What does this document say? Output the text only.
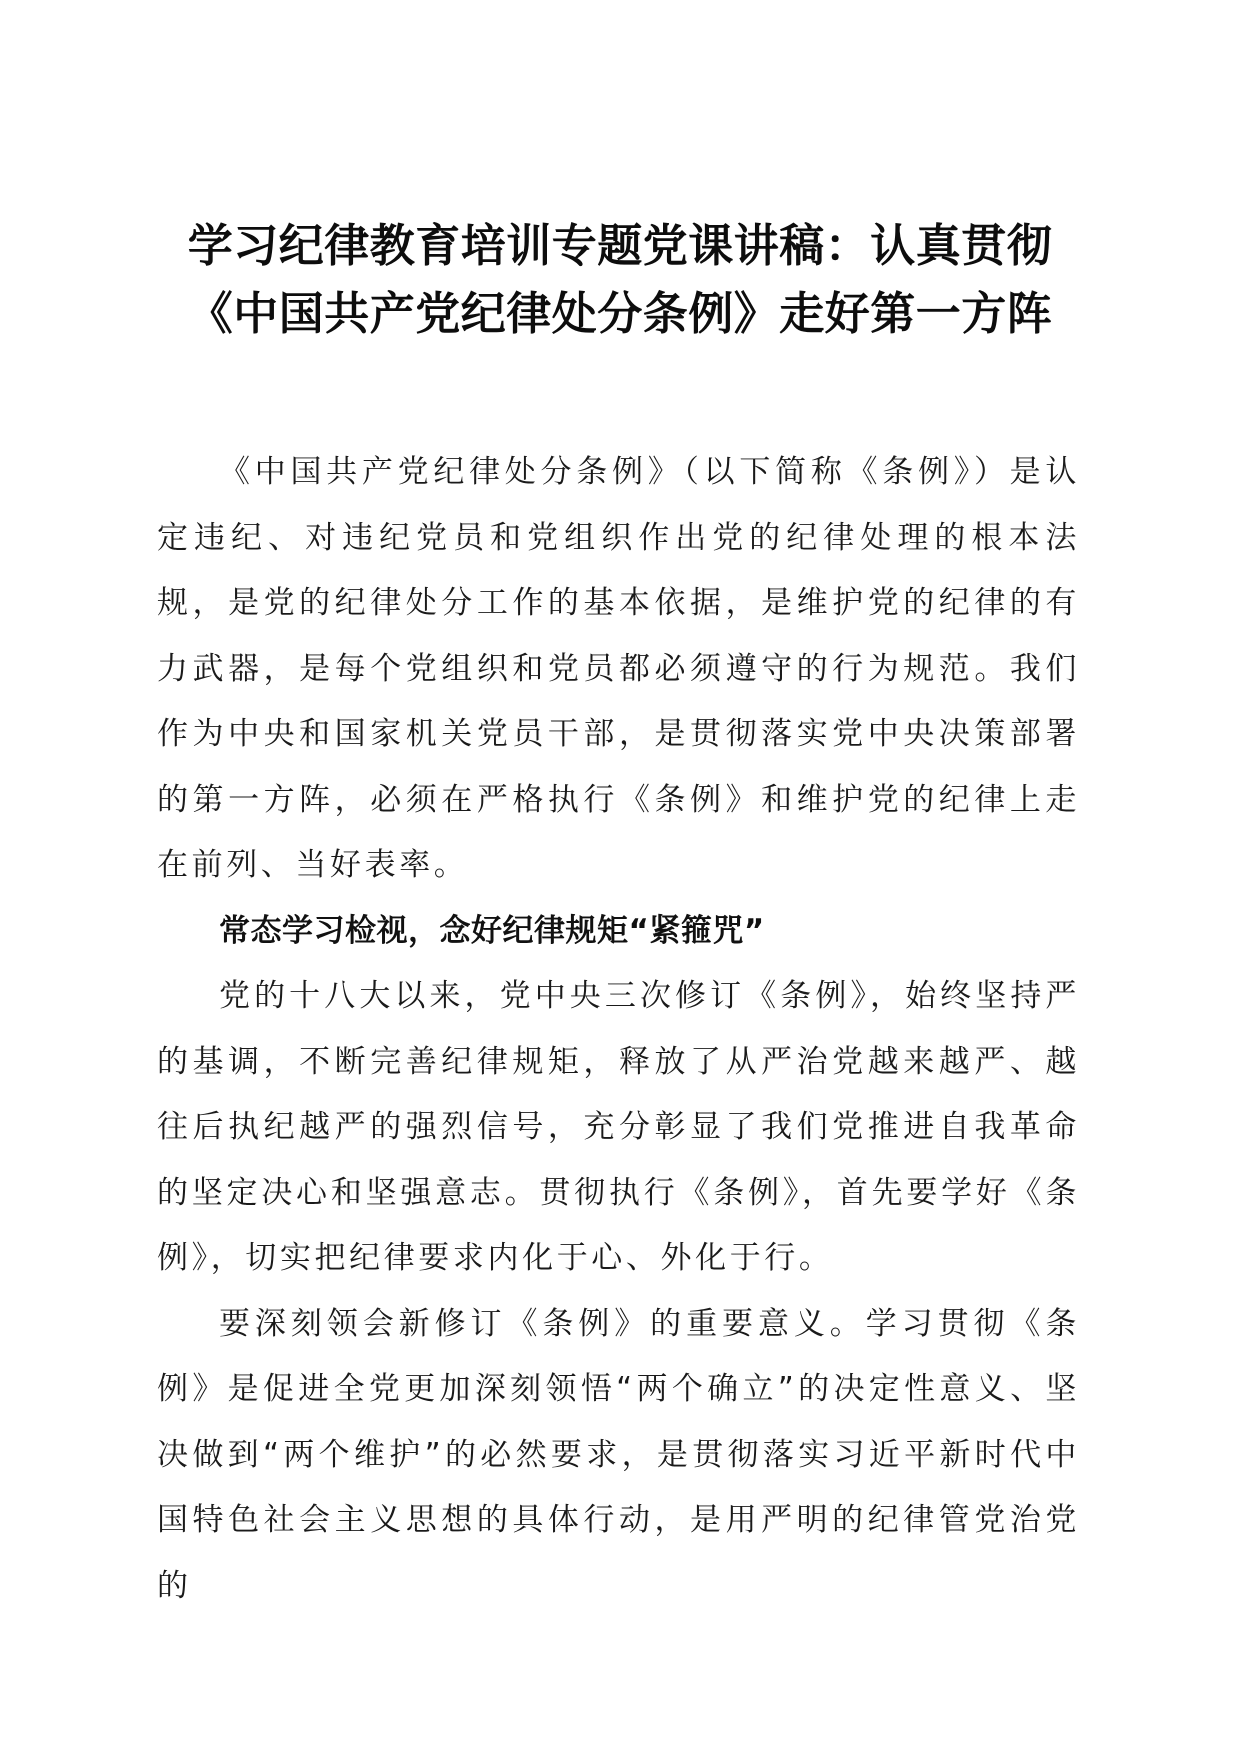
学习纪律教育培训专题党课讲稿：认真贯彻
《中国共产党纪律处分条例》走好第一方阵

《中国共产党纪律处分条例》（以下简称《条例》）是认定违纪、对违纪党员和党组织作出党的纪律处理的根本法规，是党的纪律处分工作的基本依据，是维护党的纪律的有力武器，是每个党组织和党员都必须遵守的行为规范。我们作为中央和国家机关党员干部，是贯彻落实党中央决策部署的第一方阵，必须在严格执行《条例》和维护党的纪律上走在前列、当好表率。

常态学习检视，念好纪律规矩“紧箍咒”

党的十八大以来，党中央三次修订《条例》，始终坚持严的基调，不断完善纪律规矩，释放了从严治党越来越严、越往后执纪越严的强烈信号，充分彰显了我们党推进自我革命的坚定决心和坚强意志。贯彻执行《条例》，首先要学好《条例》，切实把纪律要求内化于心、外化于行。

要深刻领会新修订《条例》的重要意义。学习贯彻《条例》是促进全党更加深刻领悟“两个确立”的决定性意义、坚决做到“两个维护”的必然要求，是贯彻落实习近平新时代中国特色社会主义思想的具体行动，是用严明的纪律管党治党的
